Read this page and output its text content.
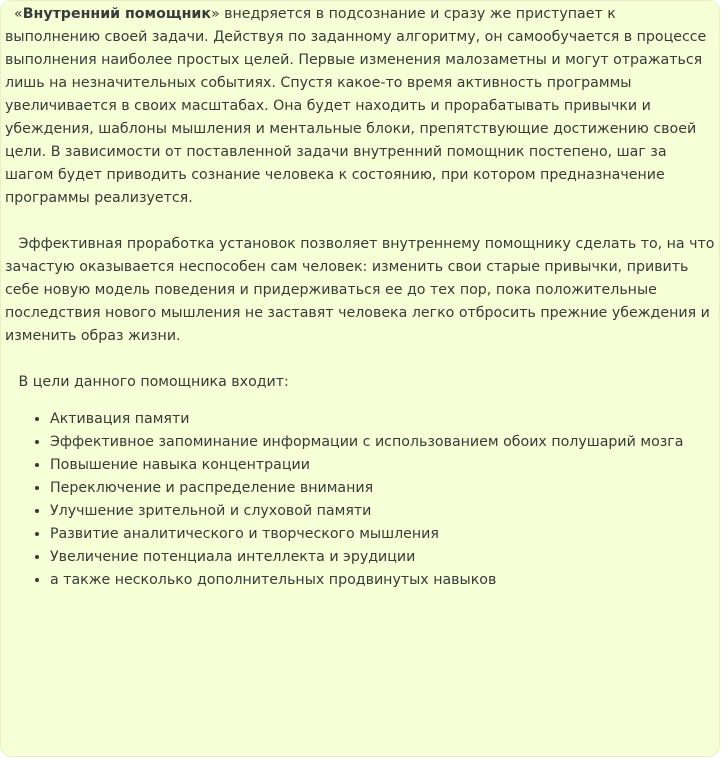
«Внутренний помощник» внедряется в подсознание и сразу же приступает к выполнению своей задачи. Действуя по заданному алгоритму, он самообучается в процессе выполнения наиболее простых целей. Первые изменения малозаметны и могут отражаться лишь на незначительных событиях. Спустя какое-то время активность программы увеличивается в своих масштабах. Она будет находить и прорабатывать привычки и убеждения, шаблоны мышления и ментальные блоки, препятствующие достижению своей цели. В зависимости от поставленной задачи внутренний помощник постепено, шаг за шагом будет приводить сознание человека к состоянию, при котором предназначение программы реализуется.

Эффективная проработка установок позволяет внутреннему помощнику сделать то, на что зачастую оказывается неспособен сам человек: изменить свои старые привычки, привить себе новую модель поведения и придерживаться ее до тех пор, пока положительные последствия нового мышления не заставят человека легко отбросить прежние убеждения и изменить образ жизни.

В цели данного помощника входит:

• Активация памяти
• Эффективное запоминание информации с использованием обоих полушарий мозга
• Повышение навыка концентрации
• Переключение и распределение внимания
• Улучшение зрительной и слуховой памяти
• Развитие аналитического и творческого мышления
• Увеличение потенциала интеллекта и эрудиции
• а также несколько дополнительных продвинутых навыков
